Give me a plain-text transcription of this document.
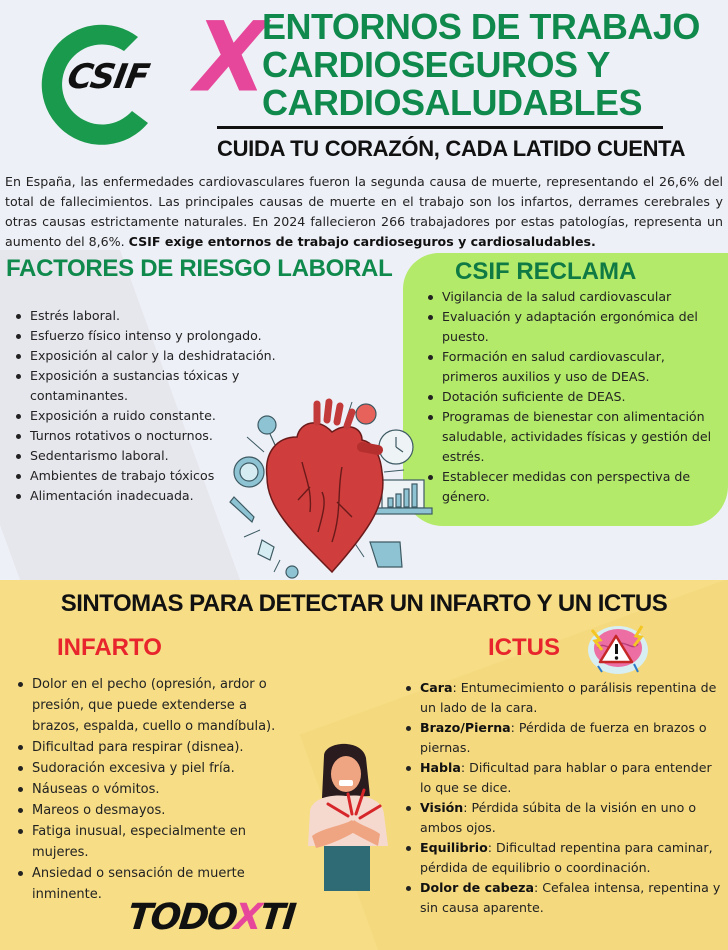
CSIF X
ENTORNOS DE TRABAJO
CARDIOSEGUROS Y
CARDIOSALUDABLES
CUIDA TU CORAZÓN, CADA LATIDO CUENTA

En España, las enfermedades cardiovasculares fueron la segunda causa de muerte, representando el 26,6% del total de fallecimientos. Las principales causas de muerte en el trabajo son los infartos, derrames cerebrales y otras causas estrictamente naturales. En 2024 fallecieron 266 trabajadores por estas patologías, representa un aumento del 8,6%. CSIF exige entornos de trabajo cardioseguros y cardiosaludables.

FACTORES DE RIESGO LABORAL
Estrés laboral.
Esfuerzo físico intenso y prolongado.
Exposición al calor y la deshidratación.
Exposición a sustancias tóxicas y contaminantes.
Exposición a ruido constante.
Turnos rotativos o nocturnos.
Sedentarismo laboral.
Ambientes de trabajo tóxicos
Alimentación inadecuada.
CSIF RECLAMA
Vigilancia de la salud cardiovascular
Evaluación y adaptación ergonómica del puesto.
Formación en salud cardiovascular, primeros auxilios y uso de DEAS.
Dotación suficiente de DEAS.
Programas de bienestar con alimentación saludable, actividades físicas y gestión del estrés.
Establecer medidas con perspectiva de género.
SINTOMAS PARA DETECTAR UN INFARTO Y UN ICTUS
INFARTO	ICTUS
Dolor en el pecho (opresión, ardor o presión, que puede extenderse a brazos, espalda, cuello o mandíbula).
Dificultad para respirar (disnea).
Sudoración excesiva y piel fría.
Náuseas o vómitos.
Mareos o desmayos.
Fatiga inusual, especialmente en mujeres.
Ansiedad o sensación de muerte inminente.
Cara: Entumecimiento o parálisis repentina de un lado de la cara.
Brazo/Pierna: Pérdida de fuerza en brazos o piernas.
Habla: Dificultad para hablar o para entender lo que se dice.
Visión: Pérdida súbita de la visión en uno o ambos ojos.
Equilibrio: Dificultad repentina para caminar, pérdida de equilibrio o coordinación.
Dolor de cabeza: Cefalea intensa, repentina y sin causa aparente.
TODOXTI
